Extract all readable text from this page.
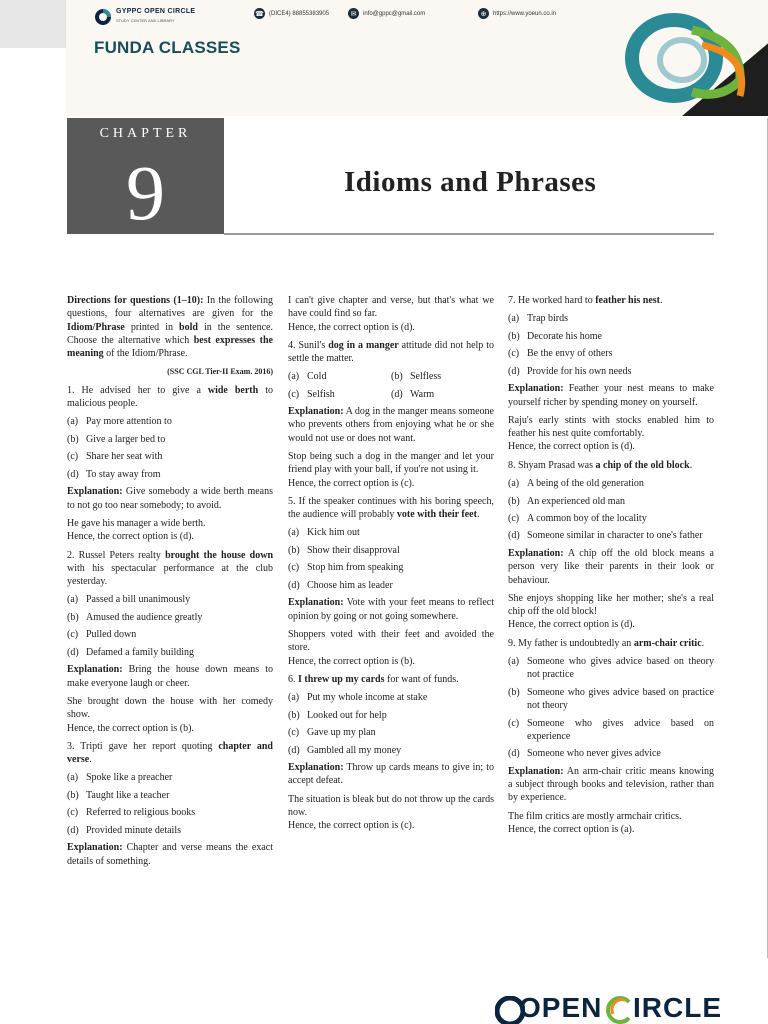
GYPPC OPEN CIRCLE
STUDY CENTER AND LIBRARY
☎ (DICE4) 88855383905	✉	info@gppc@gmail.com	⊕	https://www.yoeun.co.in
FUNDA CLASSES
CHAPTER
9	Idioms and Phrases

Directions for questions (1–10): In the following questions, four alternatives are given for the Idiom/Phrase printed in bold in the sentence. Choose the alternative which best expresses the meaning of the Idiom/Phrase.

(SSC CGL Tier-II Exam. 2016)

1. He advised her to give a wide berth to malicious people.

(a) Pay more attention to
(b) Give a larger bed to
(c) Share her seat with
(d) To stay away from

Explanation: Give somebody a wide berth means to not go too near somebody; to avoid.

He gave his manager a wide berth.

Hence, the correct option is (d).

2. Russel Peters realty brought the house down with his spectacular performance at the club yesterday.

(a) Passed a bill unanimously
(b) Amused the audience greatly
(c) Pulled down
(d) Defamed a family building

Explanation: Bring the house down means to make everyone laugh or cheer.

She brought down the house with her comedy show.

Hence, the correct option is (b).

3. Tripti gave her report quoting chapter and verse.

(a) Spoke like a preacher
(b) Taught like a teacher
(c) Referred to religious books
(d) Provided minute details

Explanation: Chapter and verse means the exact details of something.

I can't give chapter and verse, but that's what we have could find so far.

Hence, the correct option is (d).

4. Sunil's dog in a manger attitude did not help to settle the matter.

(a) Cold	(b) Selfless
(c) Selfish	(d) Warm

Explanation: A dog in the manger means someone who prevents others from enjoying what he or she would not use or does not want.

Stop being such a dog in the manger and let your friend play with your ball, if you're not using it.

Hence, the correct option is (c).

5. If the speaker continues with his boring speech, the audience will probably vote with their feet.

(a) Kick him out
(b) Show their disapproval
(c) Stop him from speaking
(d) Choose him as leader

Explanation: Vote with your feet means to reflect opinion by going or not going somewhere.

Shoppers voted with their feet and avoided the store.

Hence, the correct option is (b).

6. I threw up my cards for want of funds.

(a) Put my whole income at stake
(b) Looked out for help
(c) Gave up my plan
(d) Gambled all my money

Explanation: Throw up cards means to give in; to accept defeat.

The situation is bleak but do not throw up the cards now.

Hence, the correct option is (c).

7. He worked hard to feather his nest.

(a) Trap birds
(b) Decorate his home
(c) Be the envy of others
(d) Provide for his own needs

Explanation: Feather your nest means to make yourself richer by spending money on yourself.

Raju's early stints with stocks enabled him to feather his nest quite comfortably.

Hence, the correct option is (d).

8. Shyam Prasad was a chip of the old block.

(a) A being of the old generation
(b) An experienced old man
(c) A common boy of the locality
(d) Someone similar in character to one's father

Explanation: A chip off the old block means a person very like their parents in their look or behaviour.

She enjoys shopping like her mother; she's a real chip off the old block!

Hence, the correct option is (d).

9. My father is undoubtedly an arm-chair critic.

(a) Someone who gives advice based on theory not practice
(b) Someone who gives advice based on practice not theory
(c) Someone who gives advice based on experience
(d) Someone who never gives advice

Explanation: An arm-chair critic means knowing a subject through books and television, rather than by experience.

The film critics are mostly armchair critics.

Hence, the correct option is (a).

OPEN IRCLE
